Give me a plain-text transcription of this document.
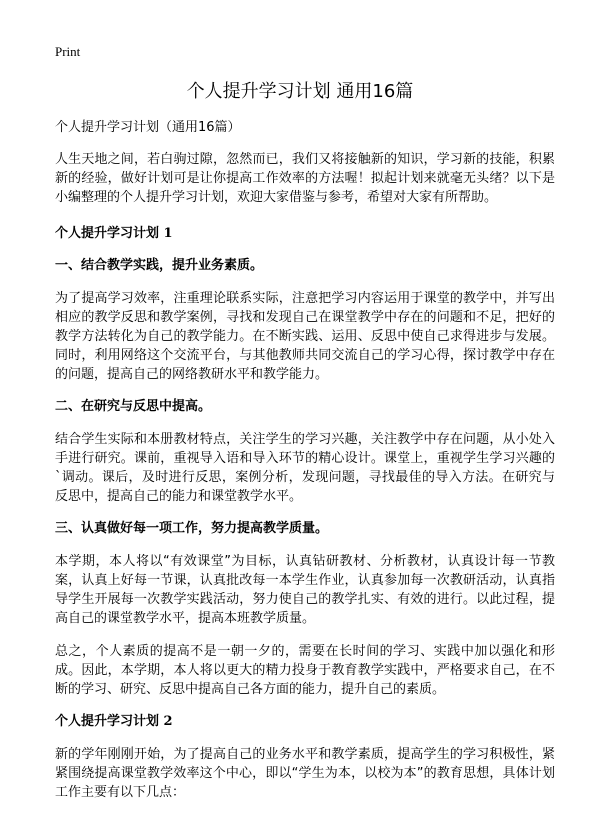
Print
个人提升学习计划 通用16篇

个人提升学习计划（通用16篇）

人生天地之间，若白驹过隙，忽然而已，我们又将接触新的知识，学习新的技能，积累新的经验，做好计划可是让你提高工作效率的方法喔！拟起计划来就毫无头绪？以下是小编整理的个人提升学习计划，欢迎大家借鉴与参考，希望对大家有所帮助。

个人提升学习计划 1
一、结合教学实践，提升业务素质。

为了提高学习效率，注重理论联系实际，注意把学习内容运用于课堂的教学中，并写出相应的教学反思和教学案例，寻找和发现自己在课堂教学中存在的问题和不足，把好的教学方法转化为自己的教学能力。在不断实践、运用、反思中使自己求得进步与发展。同时，利用网络这个交流平台，与其他教师共同交流自己的学习心得，探讨教学中存在的问题，提高自己的网络教研水平和教学能力。

二、在研究与反思中提高。

结合学生实际和本册教材特点，关注学生的学习兴趣，关注教学中存在问题，从小处入手进行研究。课前，重视导入语和导入环节的精心设计。课堂上，重视学生学习兴趣的`调动。课后，及时进行反思，案例分析，发现问题，寻找最佳的导入方法。在研究与反思中，提高自己的能力和课堂教学水平。

三、认真做好每一项工作，努力提高教学质量。

本学期，本人将以“有效课堂”为目标，认真钻研教材、分析教材，认真设计每一节教案，认真上好每一节课，认真批改每一本学生作业，认真参加每一次教研活动，认真指导学生开展每一次教学实践活动，努力使自己的教学扎实、有效的进行。以此过程，提高自己的课堂教学水平，提高本班教学质量。

总之，个人素质的提高不是一朝一夕的，需要在长时间的学习、实践中加以强化和形成。因此，本学期，本人将以更大的精力投身于教育教学实践中，严格要求自己，在不断的学习、研究、反思中提高自己各方面的能力，提升自己的素质。

个人提升学习计划 2

新的学年刚刚开始，为了提高自己的业务水平和教学素质，提高学生的学习积极性，紧紧围绕提高课堂教学效率这个中心，即以“学生为本，以校为本”的教育思想，具体计划工作主要有以下几点：
